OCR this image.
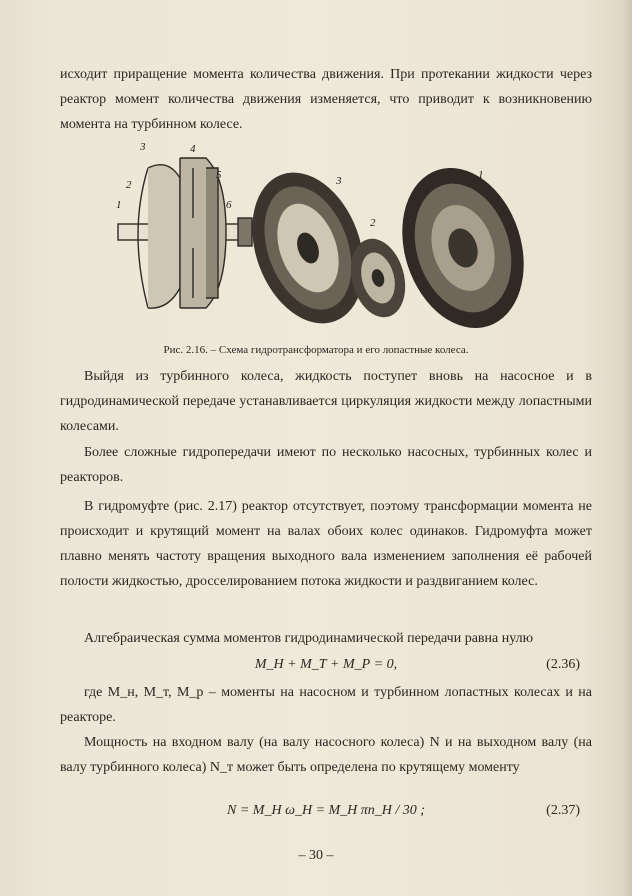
исходит приращение момента количества движения. При протекании жидкости через реактор момент количества движения изменяется, что приводит к возникновению момента на турбинном колесе.

3	4
2
5
1	6
3
2
1
Рис. 2.16. – Схема гидротрансформатора и его лопастные колеса.

Выйдя из турбинного колеса, жидкость поступет вновь на насосное и в гидродинамической передаче устанавливается циркуляция жидкости между лопастными колесами.

Более сложные гидропередачи имеют по несколько насосных, турбинных колес и реакторов.

В гидромуфте (рис. 2.17) реактор отсутствует, поэтому трансформации момента не происходит и крутящий момент на валах обоих колес одинаков. Гидромуфта может плавно менять частоту вращения выходного вала изменением заполнения её рабочей полости жидкостью, дросселированием потока жидкости и раздвиганием колес.

Алгебраическая сумма моментов гидродинамической передачи равна нулю

M_Н + M_Т + M_Р = 0,	(2.36)

где M_н, M_т, M_р – моменты на насосном и турбинном лопастных колесах и на реакторе.

Мощность на входном валу (на валу насосного колеса) N и на выходном валу (на валу турбинного колеса) N_т может быть определена по крутящему моменту

N = M_Н ω_Н = M_Н πn_Н / 30 ;	(2.37)
– 30 –
